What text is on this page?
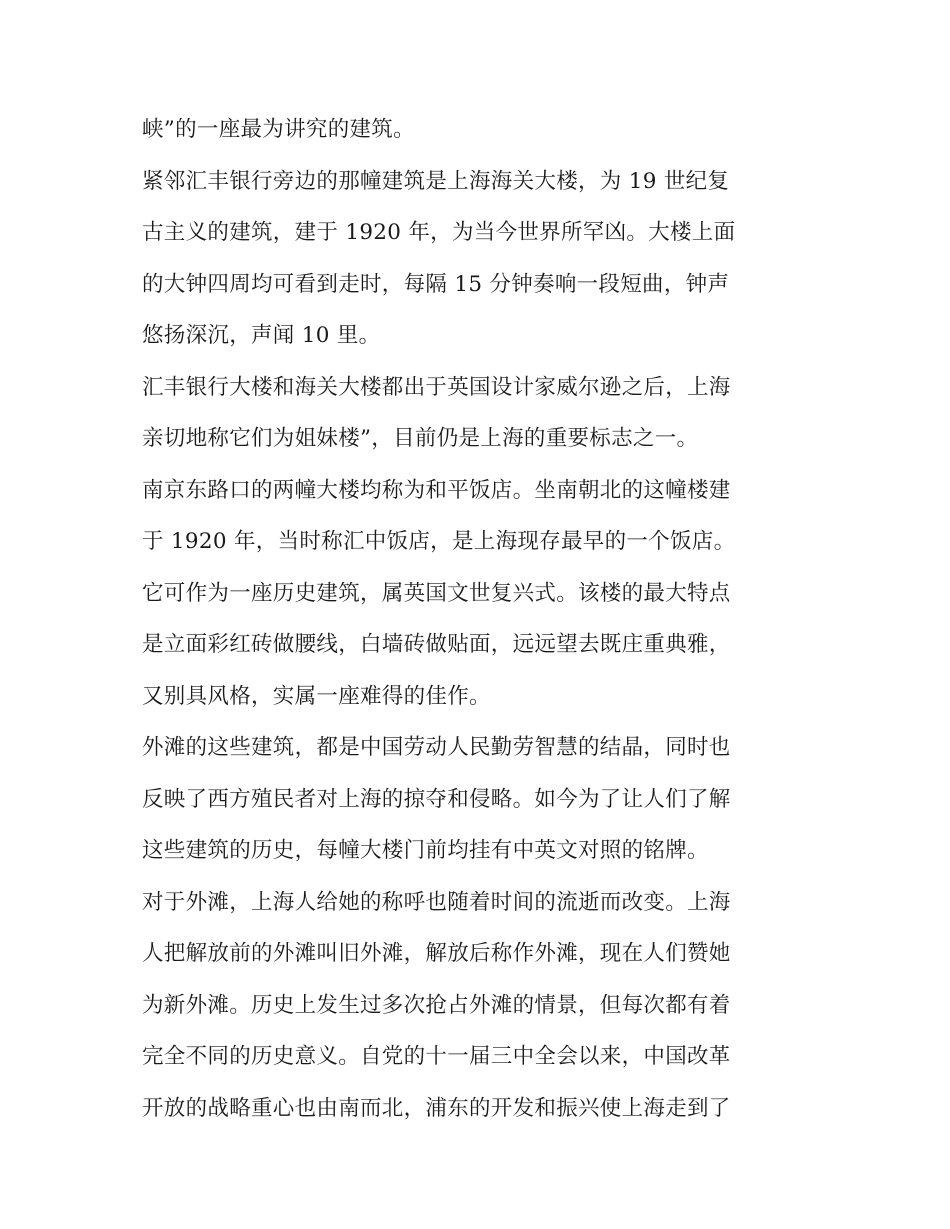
峡”的一座最为讲究的建筑。
紧邻汇丰银行旁边的那幢建筑是上海海关大楼，为 19 世纪复
古主义的建筑，建于 1920 年，为当今世界所罕凶。大楼上面
的大钟四周均可看到走时，每隔 15 分钟奏响一段短曲，钟声
悠扬深沉，声闻 10 里。
汇丰银行大楼和海关大楼都出于英国设计家威尔逊之后，上海
亲切地称它们为姐妹楼”，目前仍是上海的重要标志之一。
南京东路口的两幢大楼均称为和平饭店。坐南朝北的这幢楼建
于 1920 年，当时称汇中饭店，是上海现存最早的一个饭店。
它可作为一座历史建筑，属英国文世复兴式。该楼的最大特点
是立面彩红砖做腰线，白墙砖做贴面，远远望去既庄重典雅，
又别具风格，实属一座难得的佳作。
外滩的这些建筑，都是中国劳动人民勤劳智慧的结晶，同时也
反映了西方殖民者对上海的掠夺和侵略。如今为了让人们了解
这些建筑的历史，每幢大楼门前均挂有中英文对照的铭牌。
对于外滩，上海人给她的称呼也随着时间的流逝而改变。上海
人把解放前的外滩叫旧外滩，解放后称作外滩，现在人们赞她
为新外滩。历史上发生过多次抢占外滩的情景，但每次都有着
完全不同的历史意义。自党的十一届三中全会以来，中国改革
开放的战略重心也由南而北，浦东的开发和振兴使上海走到了
